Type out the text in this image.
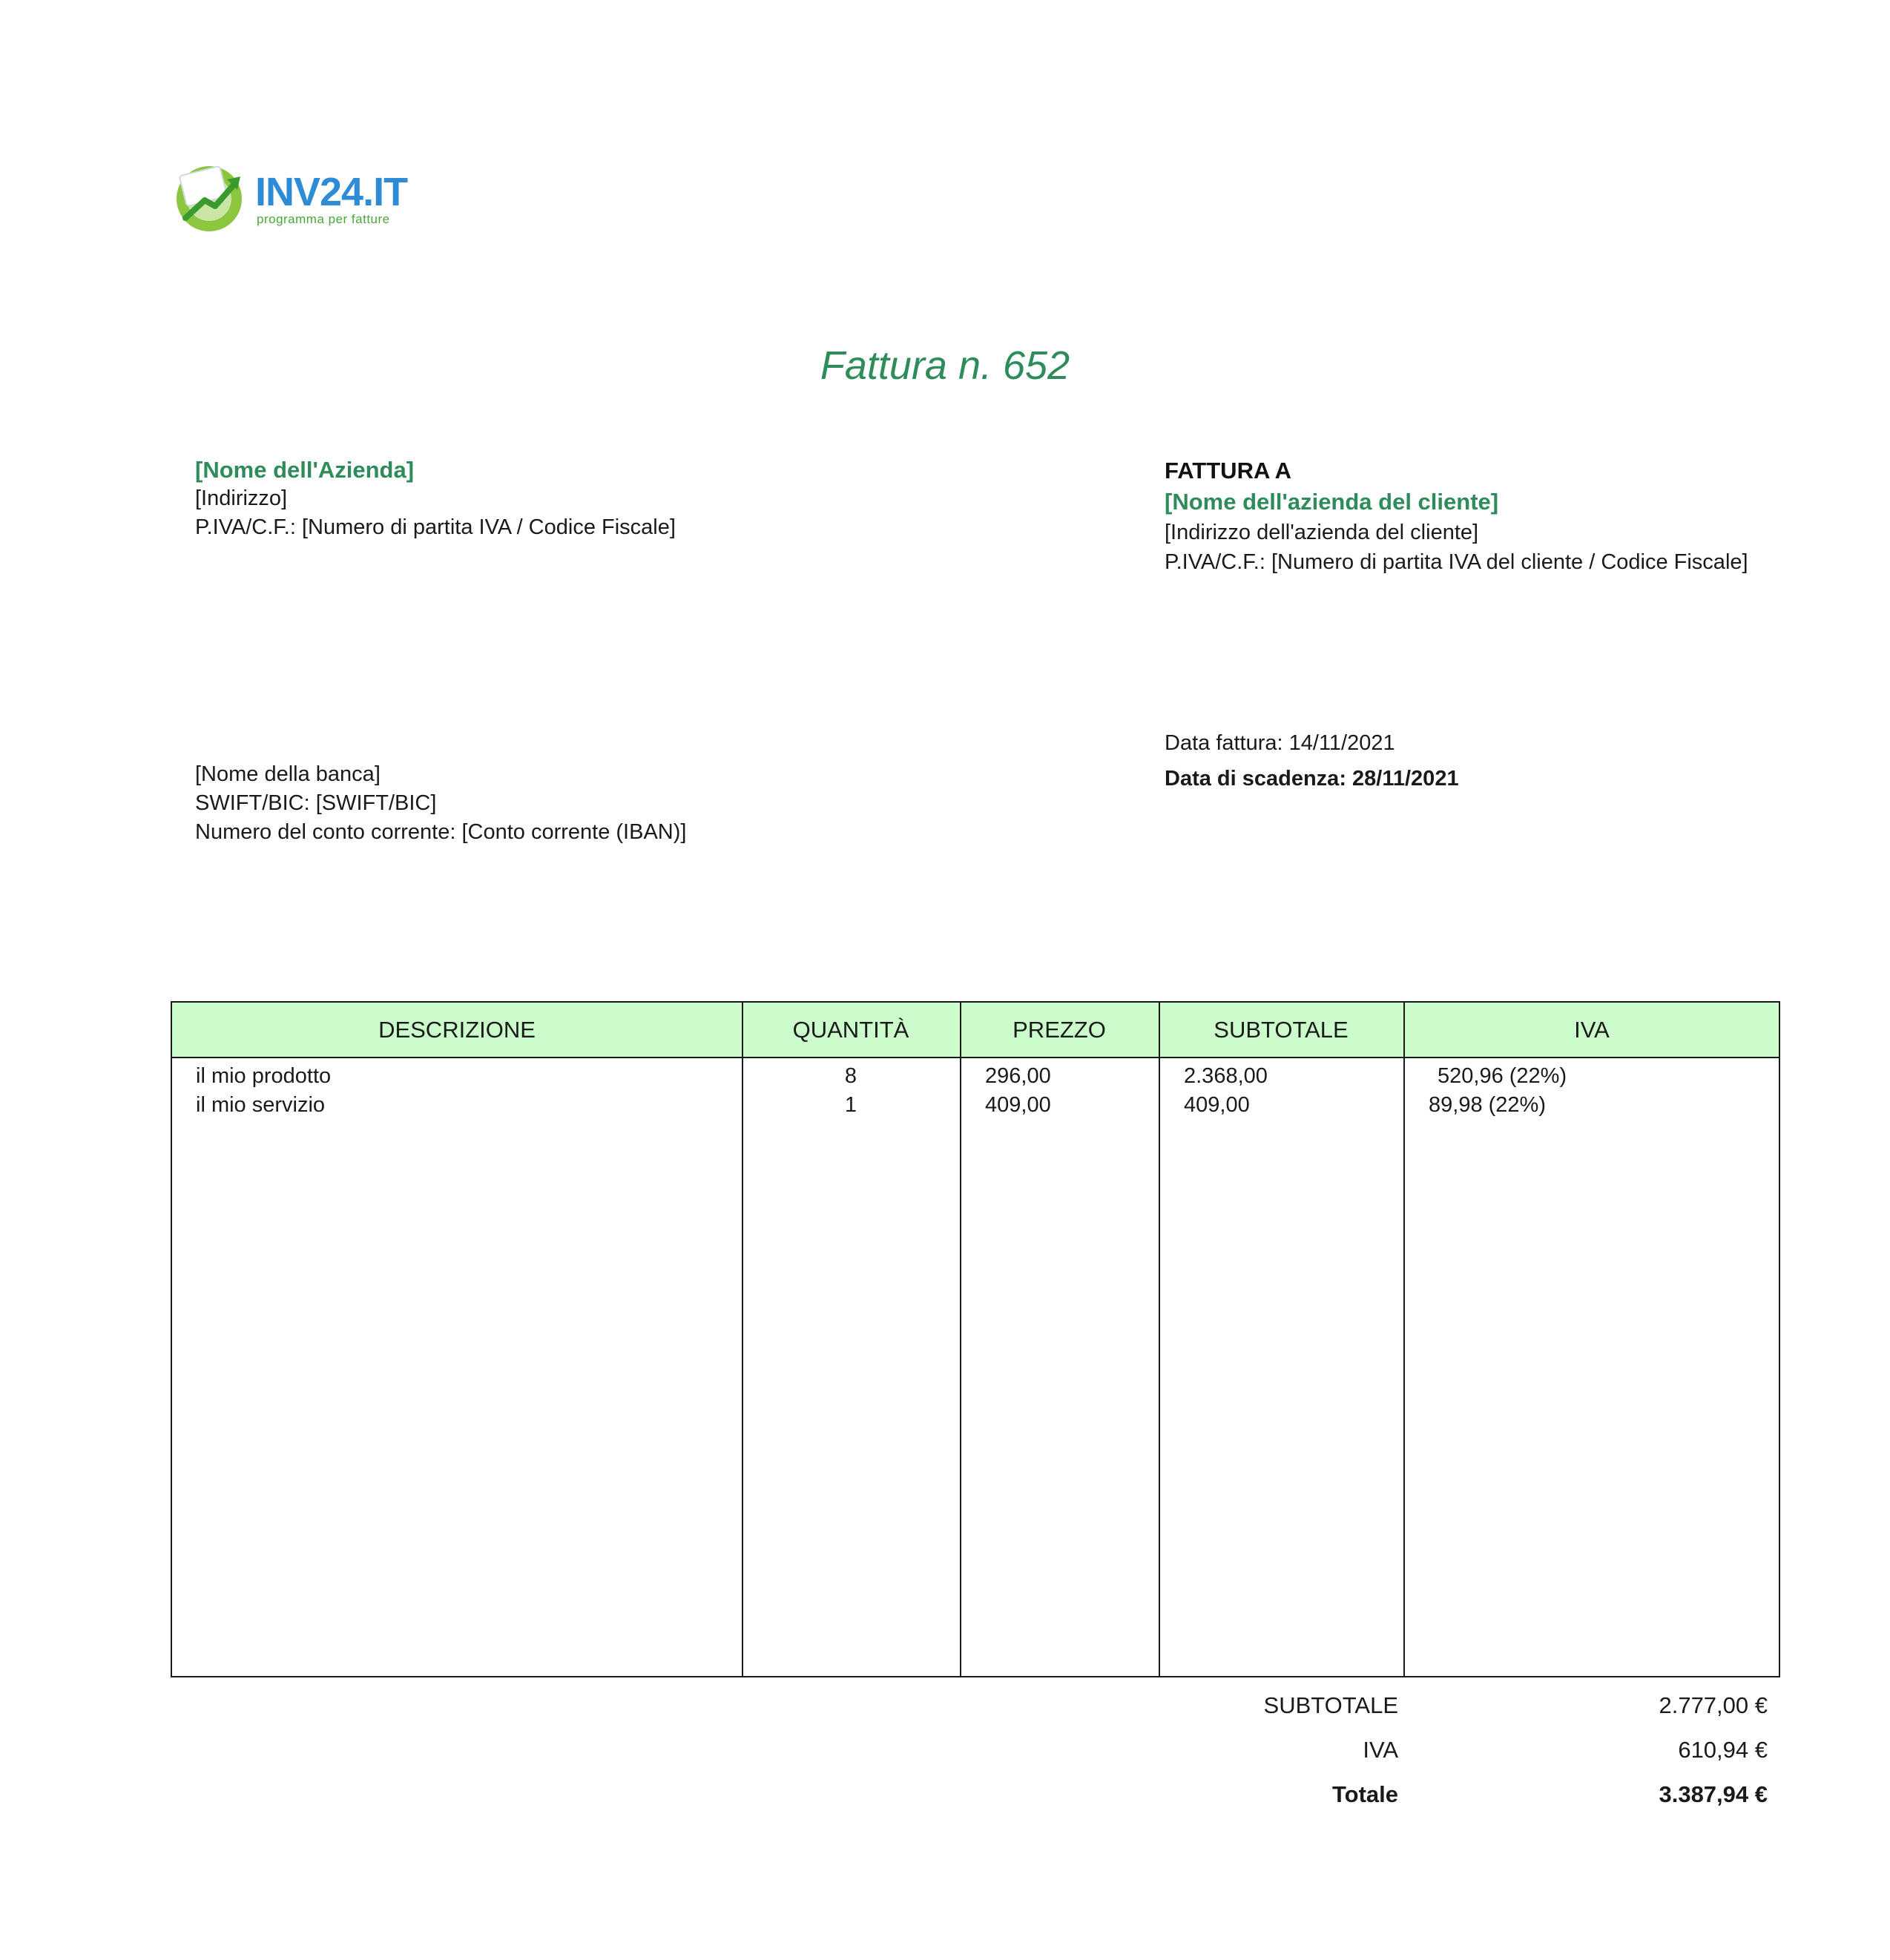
INV24.IT
programma per fatture
Fattura n. 652
[Nome dell'Azienda]
[Indirizzo]
P.IVA/C.F.: [Numero di partita IVA / Codice Fiscale]
FATTURA A
[Nome dell'azienda del cliente]
[Indirizzo dell'azienda del cliente]
P.IVA/C.F.: [Numero di partita IVA del cliente / Codice Fiscale]
Data fattura: 14/11/2021
Data di scadenza: 28/11/2021
[Nome della banca]
SWIFT/BIC: [SWIFT/BIC]
Numero del conto corrente: [Conto corrente (IBAN)]
DESCRIZIONE	QUANTITÀ	PREZZO	SUBTOTALE	IVA
il mio prodotto	8	296,00	2.368,00	520,96 (22%)
il mio servizio	1	409,00	409,00	89,98 (22%)
SUBTOTALE	2.777,00 €
IVA	610,94 €
Totale	3.387,94 €
